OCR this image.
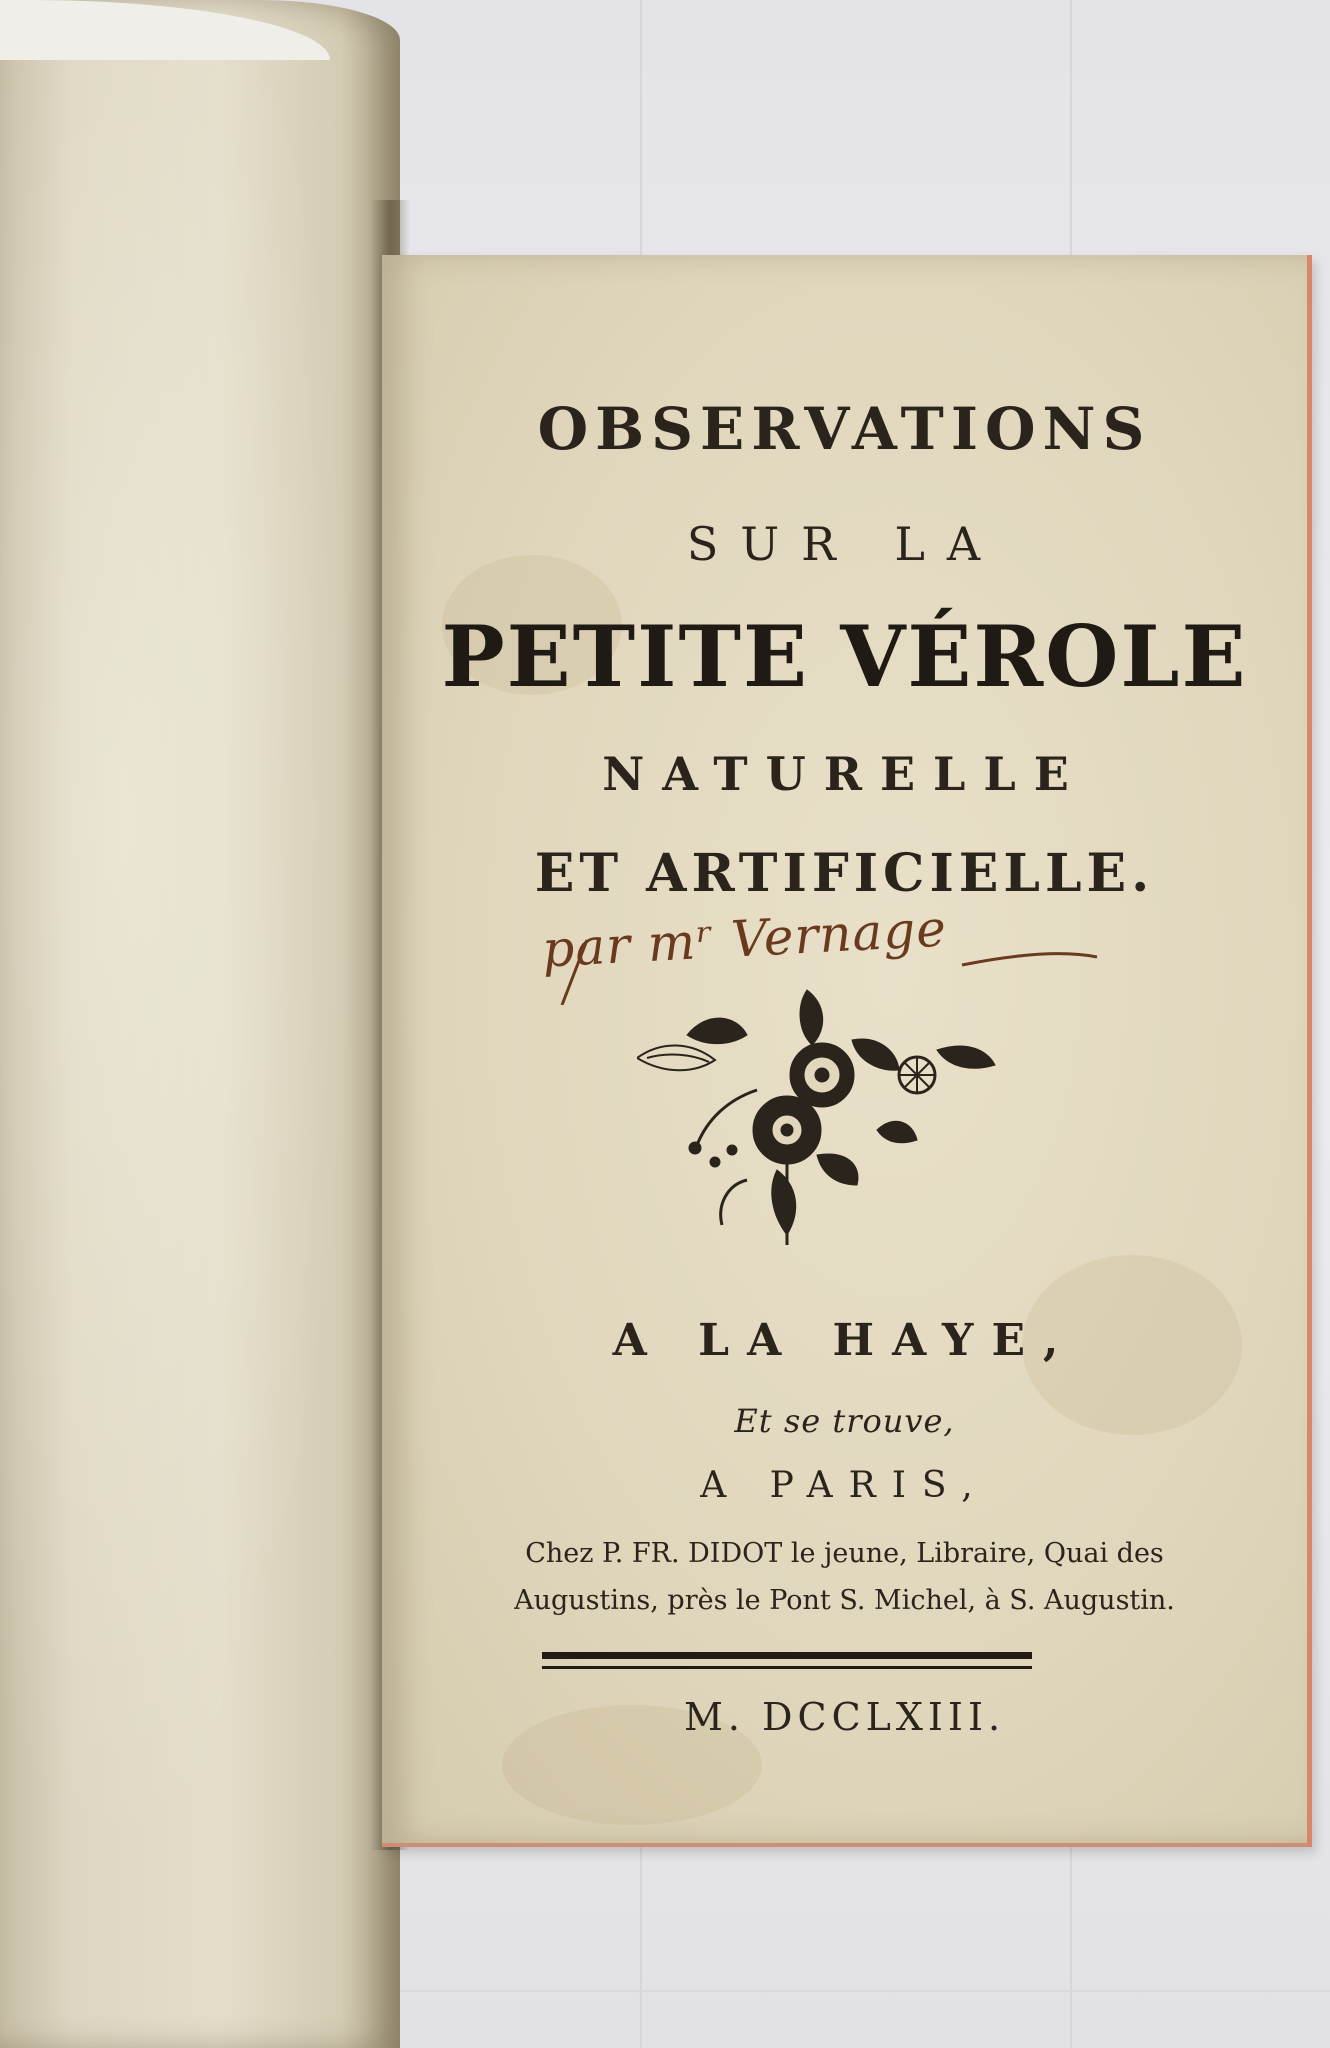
OBSERVATIONS
SUR LA
PETITE VÉROLE
NATURELLE
ET ARTIFICIELLE.
par mʳ Vernage
A LA HAYE,
Et se trouve,
A PARIS,
Chez P. FR. DIDOT le jeune, Libraire, Quai des
Augustins, près le Pont S. Michel, à S. Augustin.
M. DCCLXIII.
